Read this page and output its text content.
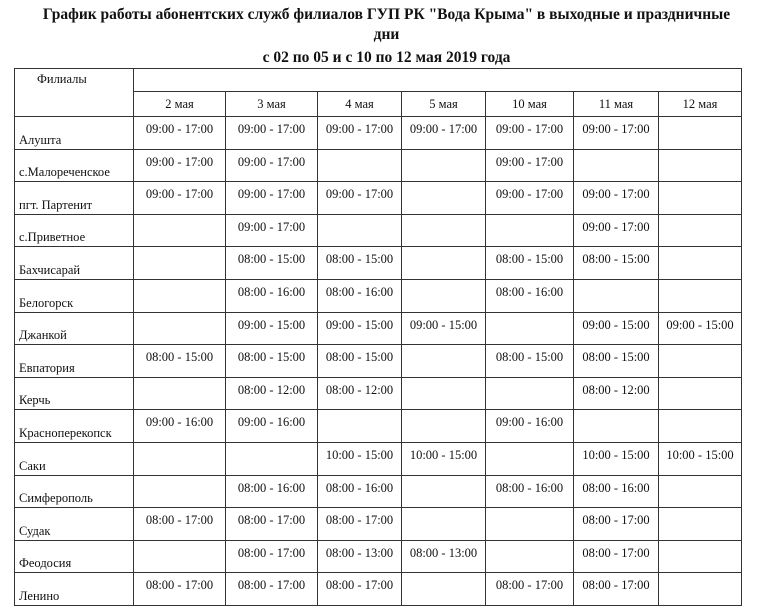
График работы абонентских служб филиалов ГУП РК "Вода Крыма" в выходные и праздничные
дни
с 02 по 05 и с 10 по 12 мая 2019 года
Филиалы							
	2 мая	3 мая	4 мая	5 мая	10 мая	11 мая	12 мая
Алушта	09:00 - 17:00	09:00 - 17:00	09:00 - 17:00	09:00 - 17:00	09:00 - 17:00	09:00 - 17:00	
с.Малореченское	09:00 - 17:00	09:00 - 17:00			09:00 - 17:00		
пгт. Партенит	09:00 - 17:00	09:00 - 17:00	09:00 - 17:00		09:00 - 17:00	09:00 - 17:00	
с.Приветное		09:00 - 17:00				09:00 - 17:00	
Бахчисарай		08:00 - 15:00	08:00 - 15:00		08:00 - 15:00	08:00 - 15:00	
Белогорск		08:00 - 16:00	08:00 - 16:00		08:00 - 16:00		
Джанкой		09:00 - 15:00	09:00 - 15:00	09:00 - 15:00		09:00 - 15:00	09:00 - 15:00
Евпатория	08:00 - 15:00	08:00 - 15:00	08:00 - 15:00		08:00 - 15:00	08:00 - 15:00	
Керчь		08:00 - 12:00	08:00 - 12:00			08:00 - 12:00	
Красноперекопск	09:00 - 16:00	09:00 - 16:00			09:00 - 16:00		
Саки			10:00 - 15:00	10:00 - 15:00		10:00 - 15:00	10:00 - 15:00
Симферополь		08:00 - 16:00	08:00 - 16:00		08:00 - 16:00	08:00 - 16:00	
Судак	08:00 - 17:00	08:00 - 17:00	08:00 - 17:00			08:00 - 17:00	
Феодосия		08:00 - 17:00	08:00 - 13:00	08:00 - 13:00		08:00 - 17:00	
Ленино	08:00 - 17:00	08:00 - 17:00	08:00 - 17:00		08:00 - 17:00	08:00 - 17:00	
